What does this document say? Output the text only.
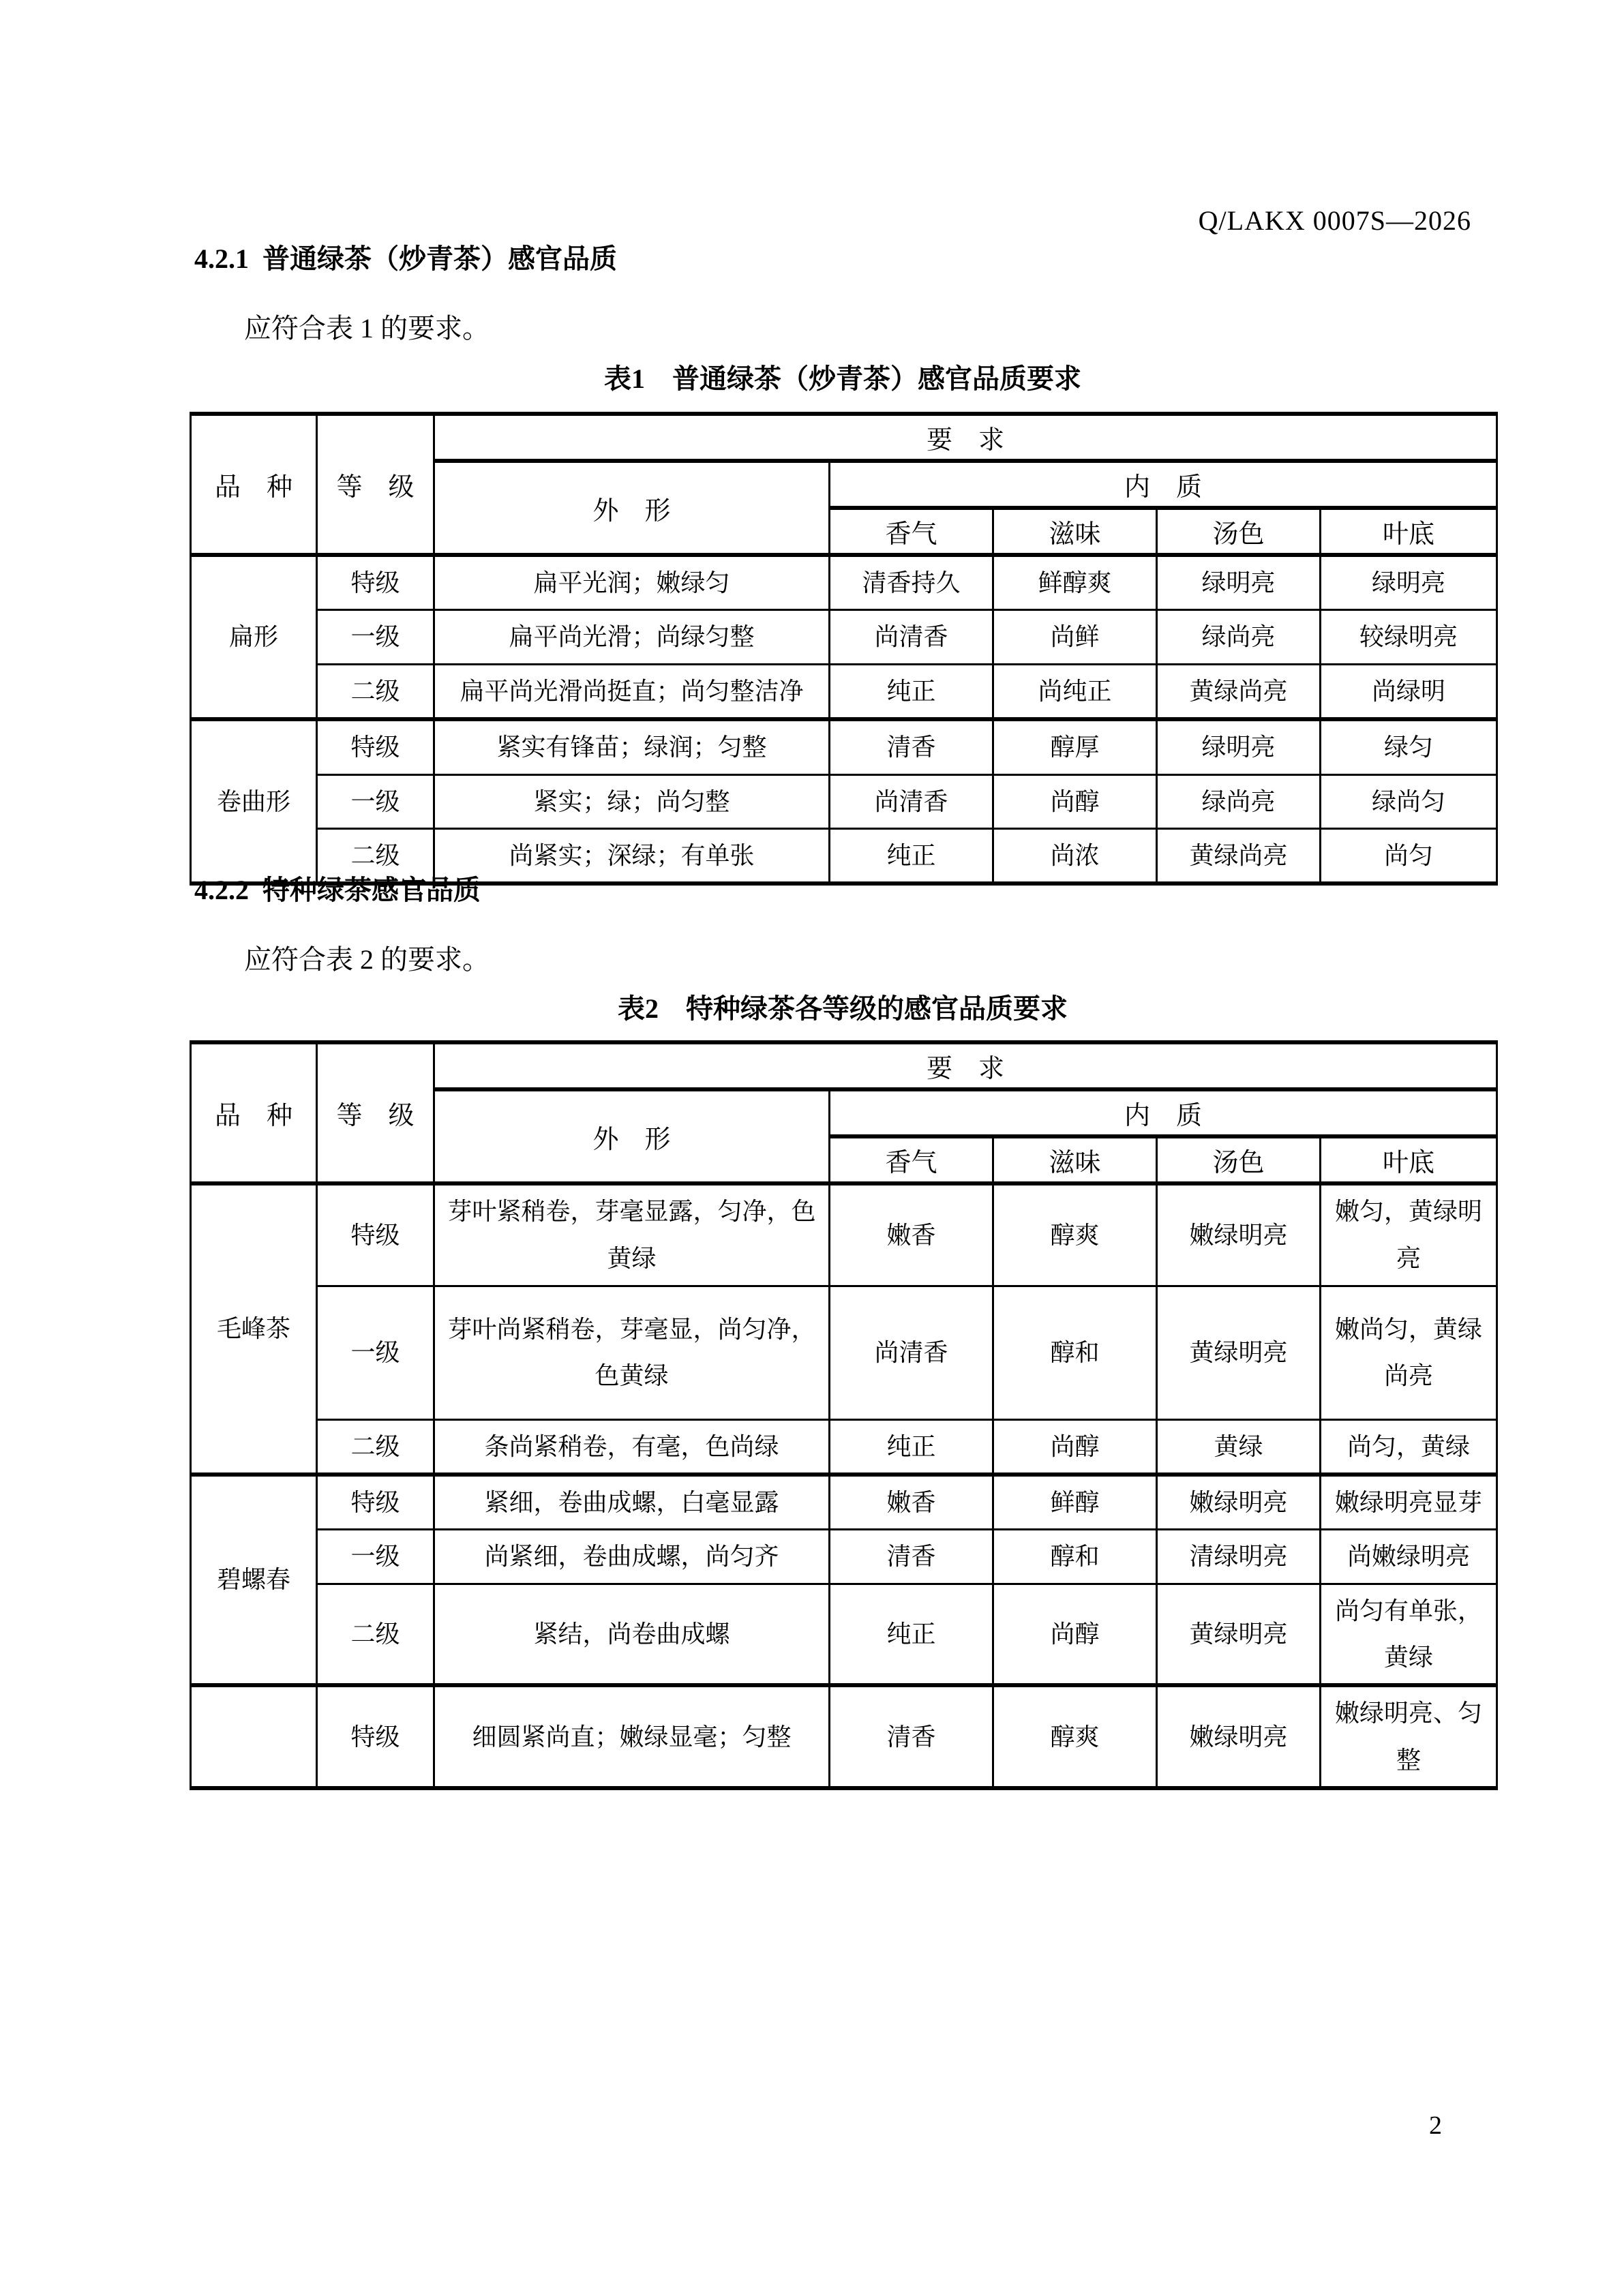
Q/LAKX 0007S—2026
4.2.1  普通绿茶（炒青茶）感官品质
应符合表 1 的要求。
表1　普通绿茶（炒青茶）感官品质要求
品　种	等　级	要　求				
		外　形	内　质			
			香气	滋味	汤色	叶底
扁形	特级	扁平光润；嫩绿匀	清香持久	鲜醇爽	绿明亮	绿明亮
	一级	扁平尚光滑；尚绿匀整	尚清香	尚鲜	绿尚亮	较绿明亮
	二级	扁平尚光滑尚挺直；尚匀整洁净	纯正	尚纯正	黄绿尚亮	尚绿明
卷曲形	特级	紧实有锋苗；绿润；匀整	清香	醇厚	绿明亮	绿匀
	一级	紧实；绿；尚匀整	尚清香	尚醇	绿尚亮	绿尚匀
	二级	尚紧实；深绿；有单张	纯正	尚浓	黄绿尚亮	尚匀
4.2.2  特种绿茶感官品质
应符合表 2 的要求。
表2　特种绿茶各等级的感官品质要求
品　种	等　级	要　求				
		外　形	内　质			
			香气	滋味	汤色	叶底
毛峰茶	特级	芽叶紧稍卷，芽毫显露，匀净，色黄绿	嫩香	醇爽	嫩绿明亮	嫩匀，黄绿明亮
	一级	芽叶尚紧稍卷，芽毫显，尚匀净，色黄绿	尚清香	醇和	黄绿明亮	嫩尚匀，黄绿尚亮
	二级	条尚紧稍卷，有毫，色尚绿	纯正	尚醇	黄绿	尚匀，黄绿
碧螺春	特级	紧细，卷曲成螺，白毫显露	嫩香	鲜醇	嫩绿明亮	嫩绿明亮显芽
	一级	尚紧细，卷曲成螺，尚匀齐	清香	醇和	清绿明亮	尚嫩绿明亮
	二级	紧结，尚卷曲成螺	纯正	尚醇	黄绿明亮	尚匀有单张，黄绿
	特级	细圆紧尚直；嫩绿显毫；匀整	清香	醇爽	嫩绿明亮	嫩绿明亮、匀整
2
